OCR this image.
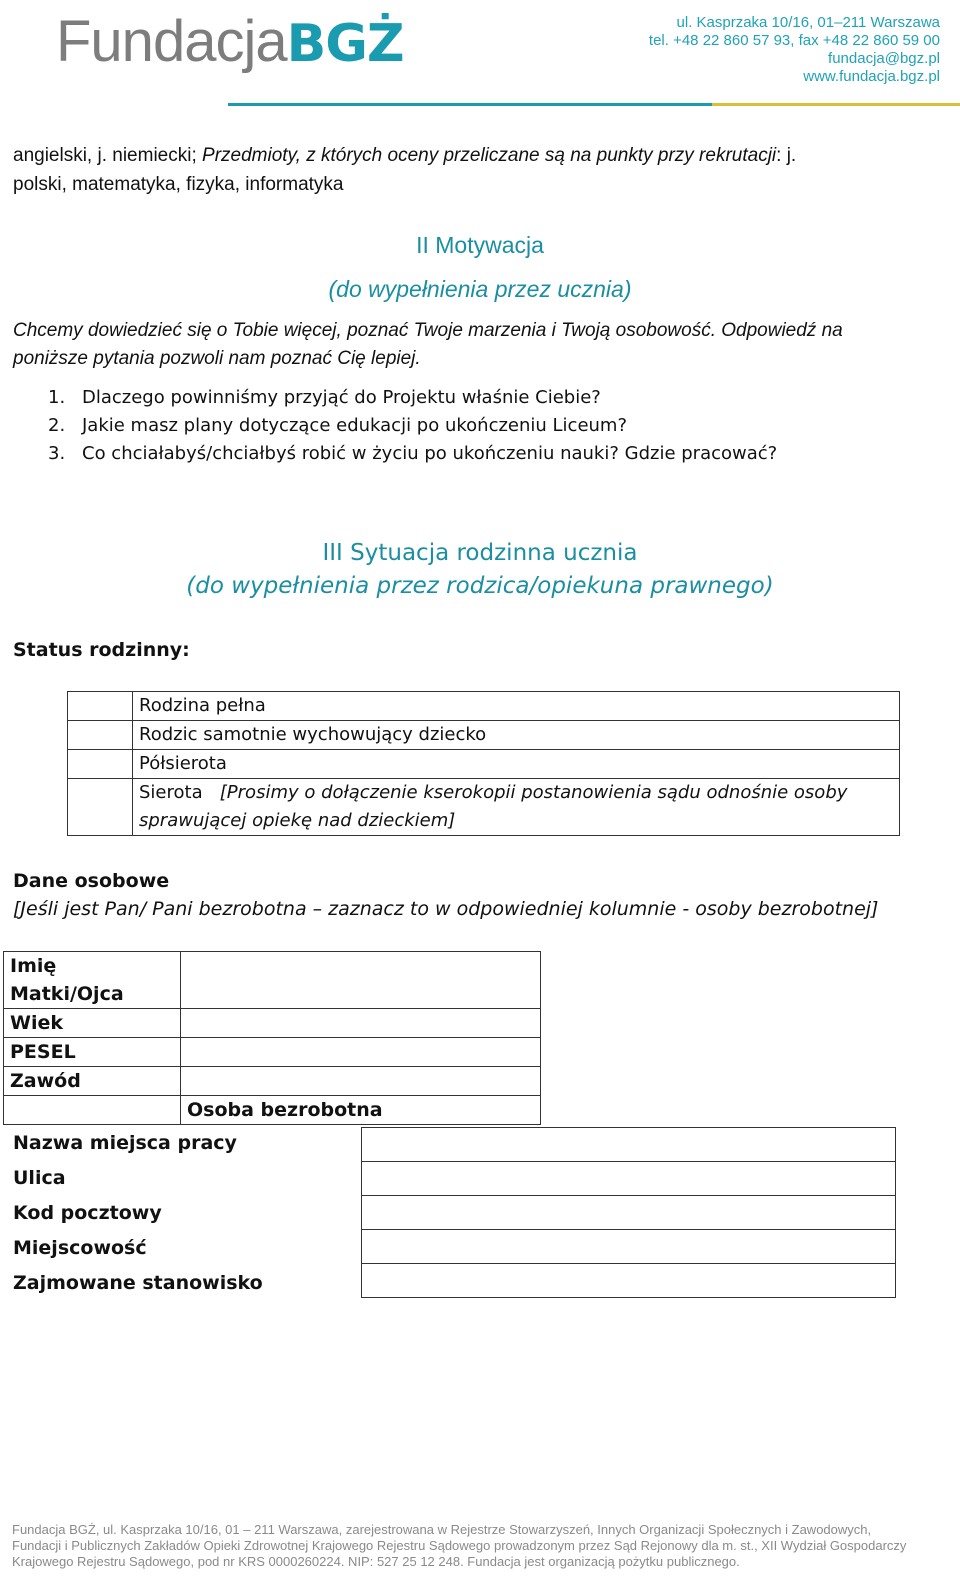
FundacjaBGŻ	ul. Kasprzaka 10/16, 01–211 Warszawa
tel. +48 22 860 57 93, fax +48 22 860 59 00
fundacja@bgz.pl
www.fundacja.bgz.pl
angielski, j. niemiecki; Przedmioty, z których oceny przeliczane są na punkty przy rekrutacji: j.
polski, matematyka, fizyka, informatyka
II Motywacja
(do wypełnienia przez ucznia)
Chcemy dowiedzieć się o Tobie więcej, poznać Twoje marzenia i Twoją osobowość. Odpowiedź na
poniższe pytania pozwoli nam poznać Cię lepiej.
1. Dlaczego powinniśmy przyjąć do Projektu właśnie Ciebie?
2. Jakie masz plany dotyczące edukacji po ukończeniu Liceum?
3. Co chciałabyś/chciałbyś robić w życiu po ukończeniu nauki? Gdzie pracować?
III Sytuacja rodzinna ucznia
(do wypełnienia przez rodzica/opiekuna prawnego)
Status rodzinny:
	Rodzina pełna
	Rodzic samotnie wychowujący dziecko
	Półsierota
	Sierota [Prosimy o dołączenie kserokopii postanowienia sądu odnośnie osoby
sprawującej opiekę nad dzieckiem]
Dane osobowe
[Jeśli jest Pan/ Pani bezrobotna – zaznacz to w odpowiedniej kolumnie - osoby bezrobotnej]
Imię Matki/Ojca	
Wiek	
PESEL	
Zawód	
	Osoba bezrobotna
Nazwa miejsca pracy
Ulica
Kod pocztowy
Miejscowość
Zajmowane stanowisko

Fundacja BGŻ, ul. Kasprzaka 10/16, 01 – 211 Warszawa, zarejestrowana w Rejestrze Stowarzyszeń, Innych Organizacji Społecznych i Zawodowych,
Fundacji i Publicznych Zakładów Opieki Zdrowotnej Krajowego Rejestru Sądowego prowadzonym przez Sąd Rejonowy dla m. st., XII Wydział Gospodarczy
Krajowego Rejestru Sądowego, pod nr KRS 0000260224. NIP: 527 25 12 248. Fundacja jest organizacją pożytku publicznego.
